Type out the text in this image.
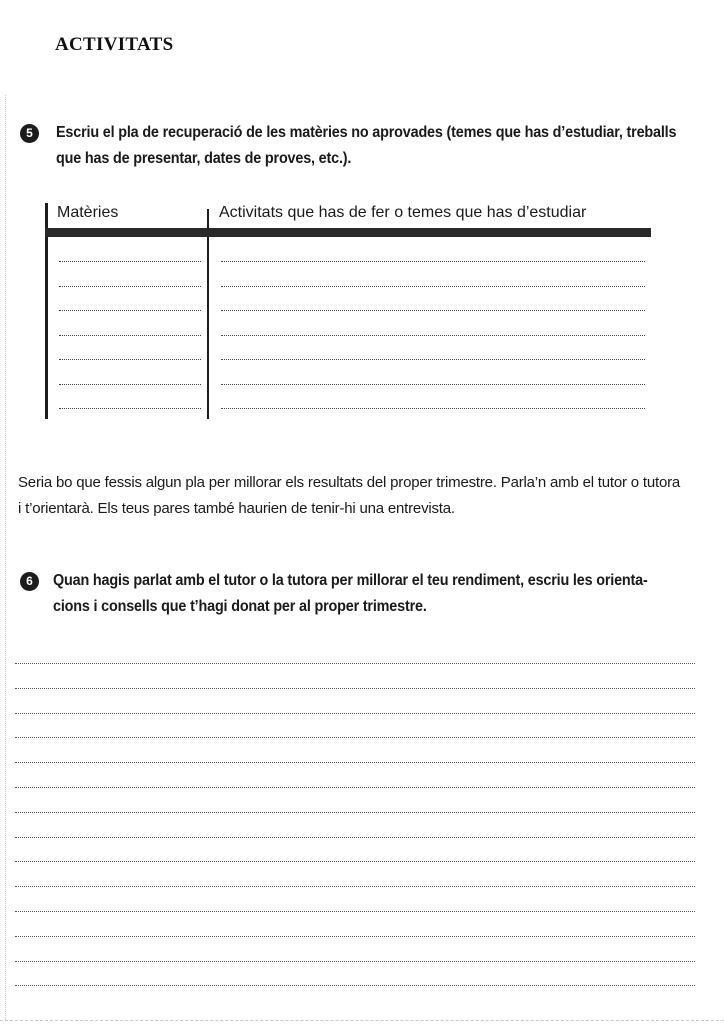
ACTIVITATS
5	Escriu el pla de recuperació de les matèries no aprovades (temes que has d’estudiar, treballs
que has de presentar, dates de proves, etc.).
Matèries	Activitats que has de fer o temes que has d’estudiar
Seria bo que fessis algun pla per millorar els resultats del proper trimestre. Parla’n amb el tutor o tutora
i t’orientarà. Els teus pares també haurien de tenir-hi una entrevista.
6	Quan hagis parlat amb el tutor o la tutora per millorar el teu rendiment, escriu les orienta-
cions i consells que t’hagi donat per al proper trimestre.
